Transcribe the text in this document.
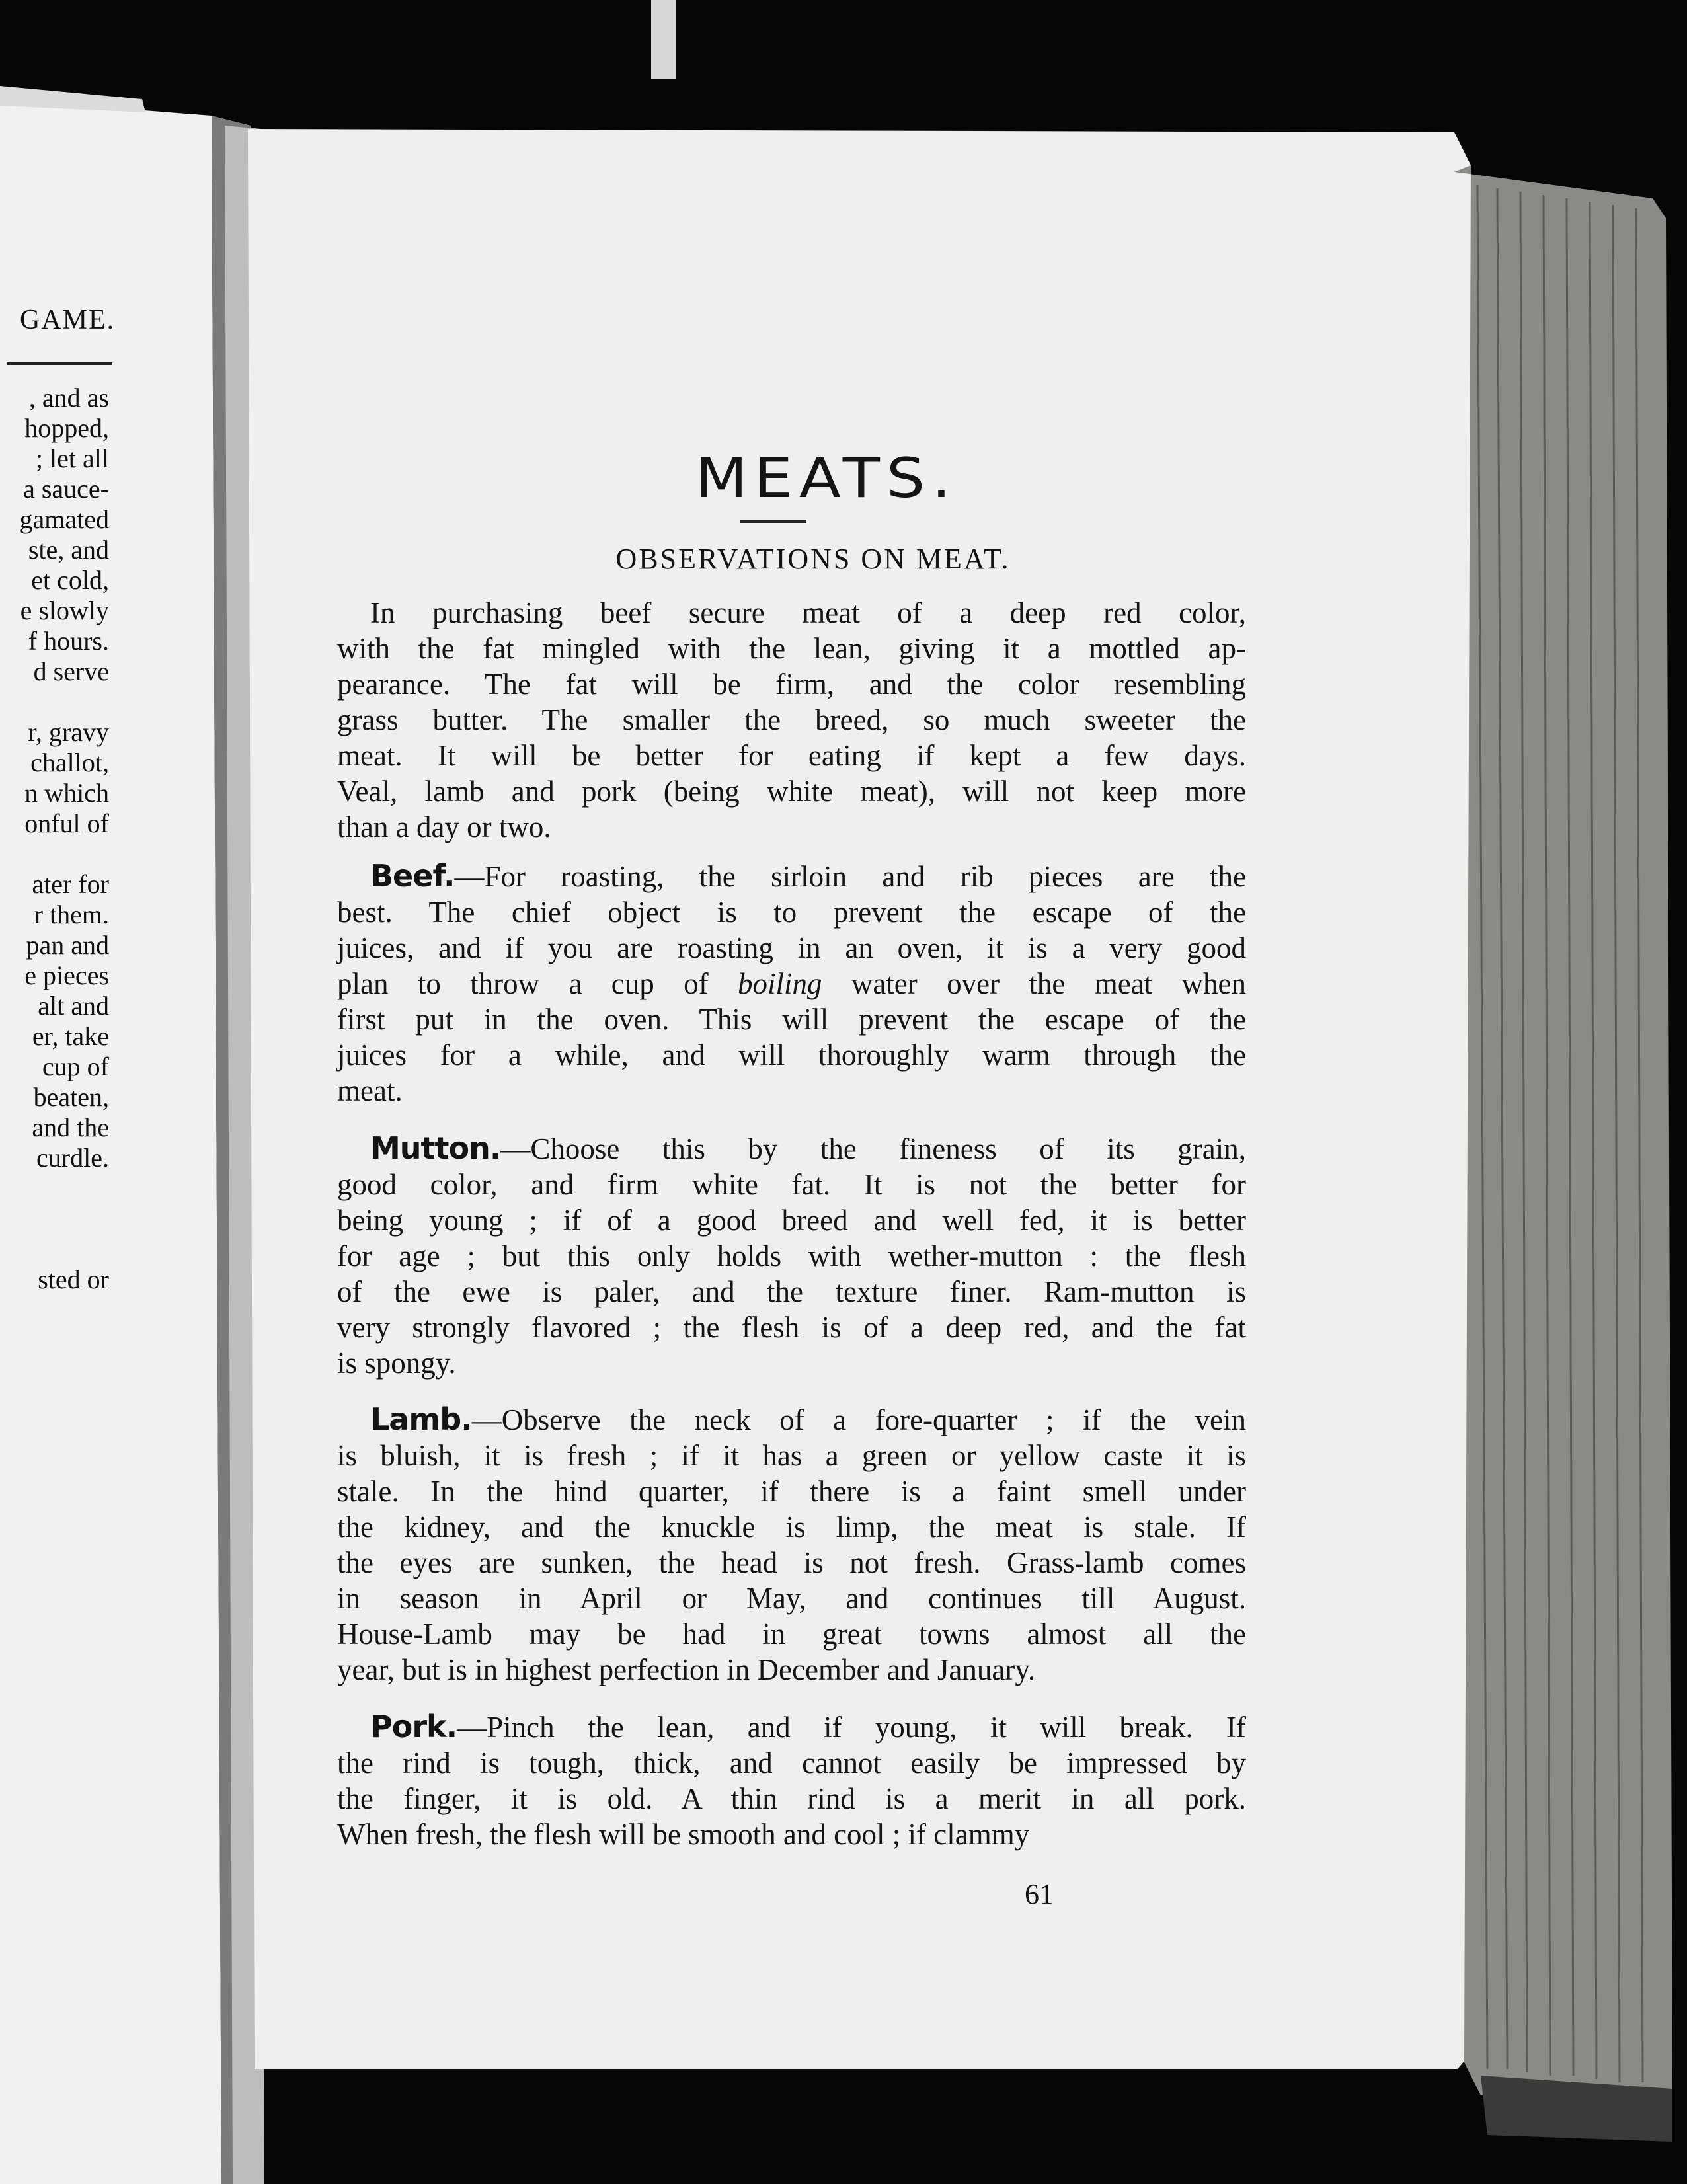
GAME.
, and as
hopped,
; let all
a sauce-
gamated
ste, and
et cold,
e slowly
f hours.
d serve
r, gravy
challot,
n which
onful of
ater for
r them.
pan and
e pieces
alt and
er, take
cup of
beaten,
and the
curdle.
sted or
MEATS.
OBSERVATIONS ON MEAT.
In purchasing beef secure meat of a deep red color,
with the fat mingled with the lean, giving it a mottled ap-
pearance. The fat will be firm, and the color resembling
grass butter. The smaller the breed, so much sweeter the
meat. It will be better for eating if kept a few days.
Veal, lamb and pork (being white meat), will not keep more
than a day or two.
Beef.—For roasting, the sirloin and rib pieces are the
best. The chief object is to prevent the escape of the
juices, and if you are roasting in an oven, it is a very good
plan to throw a cup of boiling water over the meat when
first put in the oven. This will prevent the escape of the
juices for a while, and will thoroughly warm through the
meat.
Mutton.—Choose this by the fineness of its grain,
good color, and firm white fat. It is not the better for
being young ; if of a good breed and well fed, it is better
for age ; but this only holds with wether-mutton : the flesh
of the ewe is paler, and the texture finer. Ram-mutton is
very strongly flavored ; the flesh is of a deep red, and the fat
is spongy.
Lamb.—Observe the neck of a fore-quarter ; if the vein
is bluish, it is fresh ; if it has a green or yellow caste it is
stale. In the hind quarter, if there is a faint smell under
the kidney, and the knuckle is limp, the meat is stale. If
the eyes are sunken, the head is not fresh. Grass-lamb comes
in season in April or May, and continues till August.
House-Lamb may be had in great towns almost all the
year, but is in highest perfection in December and January.
Pork.—Pinch the lean, and if young, it will break. If
the rind is tough, thick, and cannot easily be impressed by
the finger, it is old. A thin rind is a merit in all pork.
When fresh, the flesh will be smooth and cool ; if clammy
61
